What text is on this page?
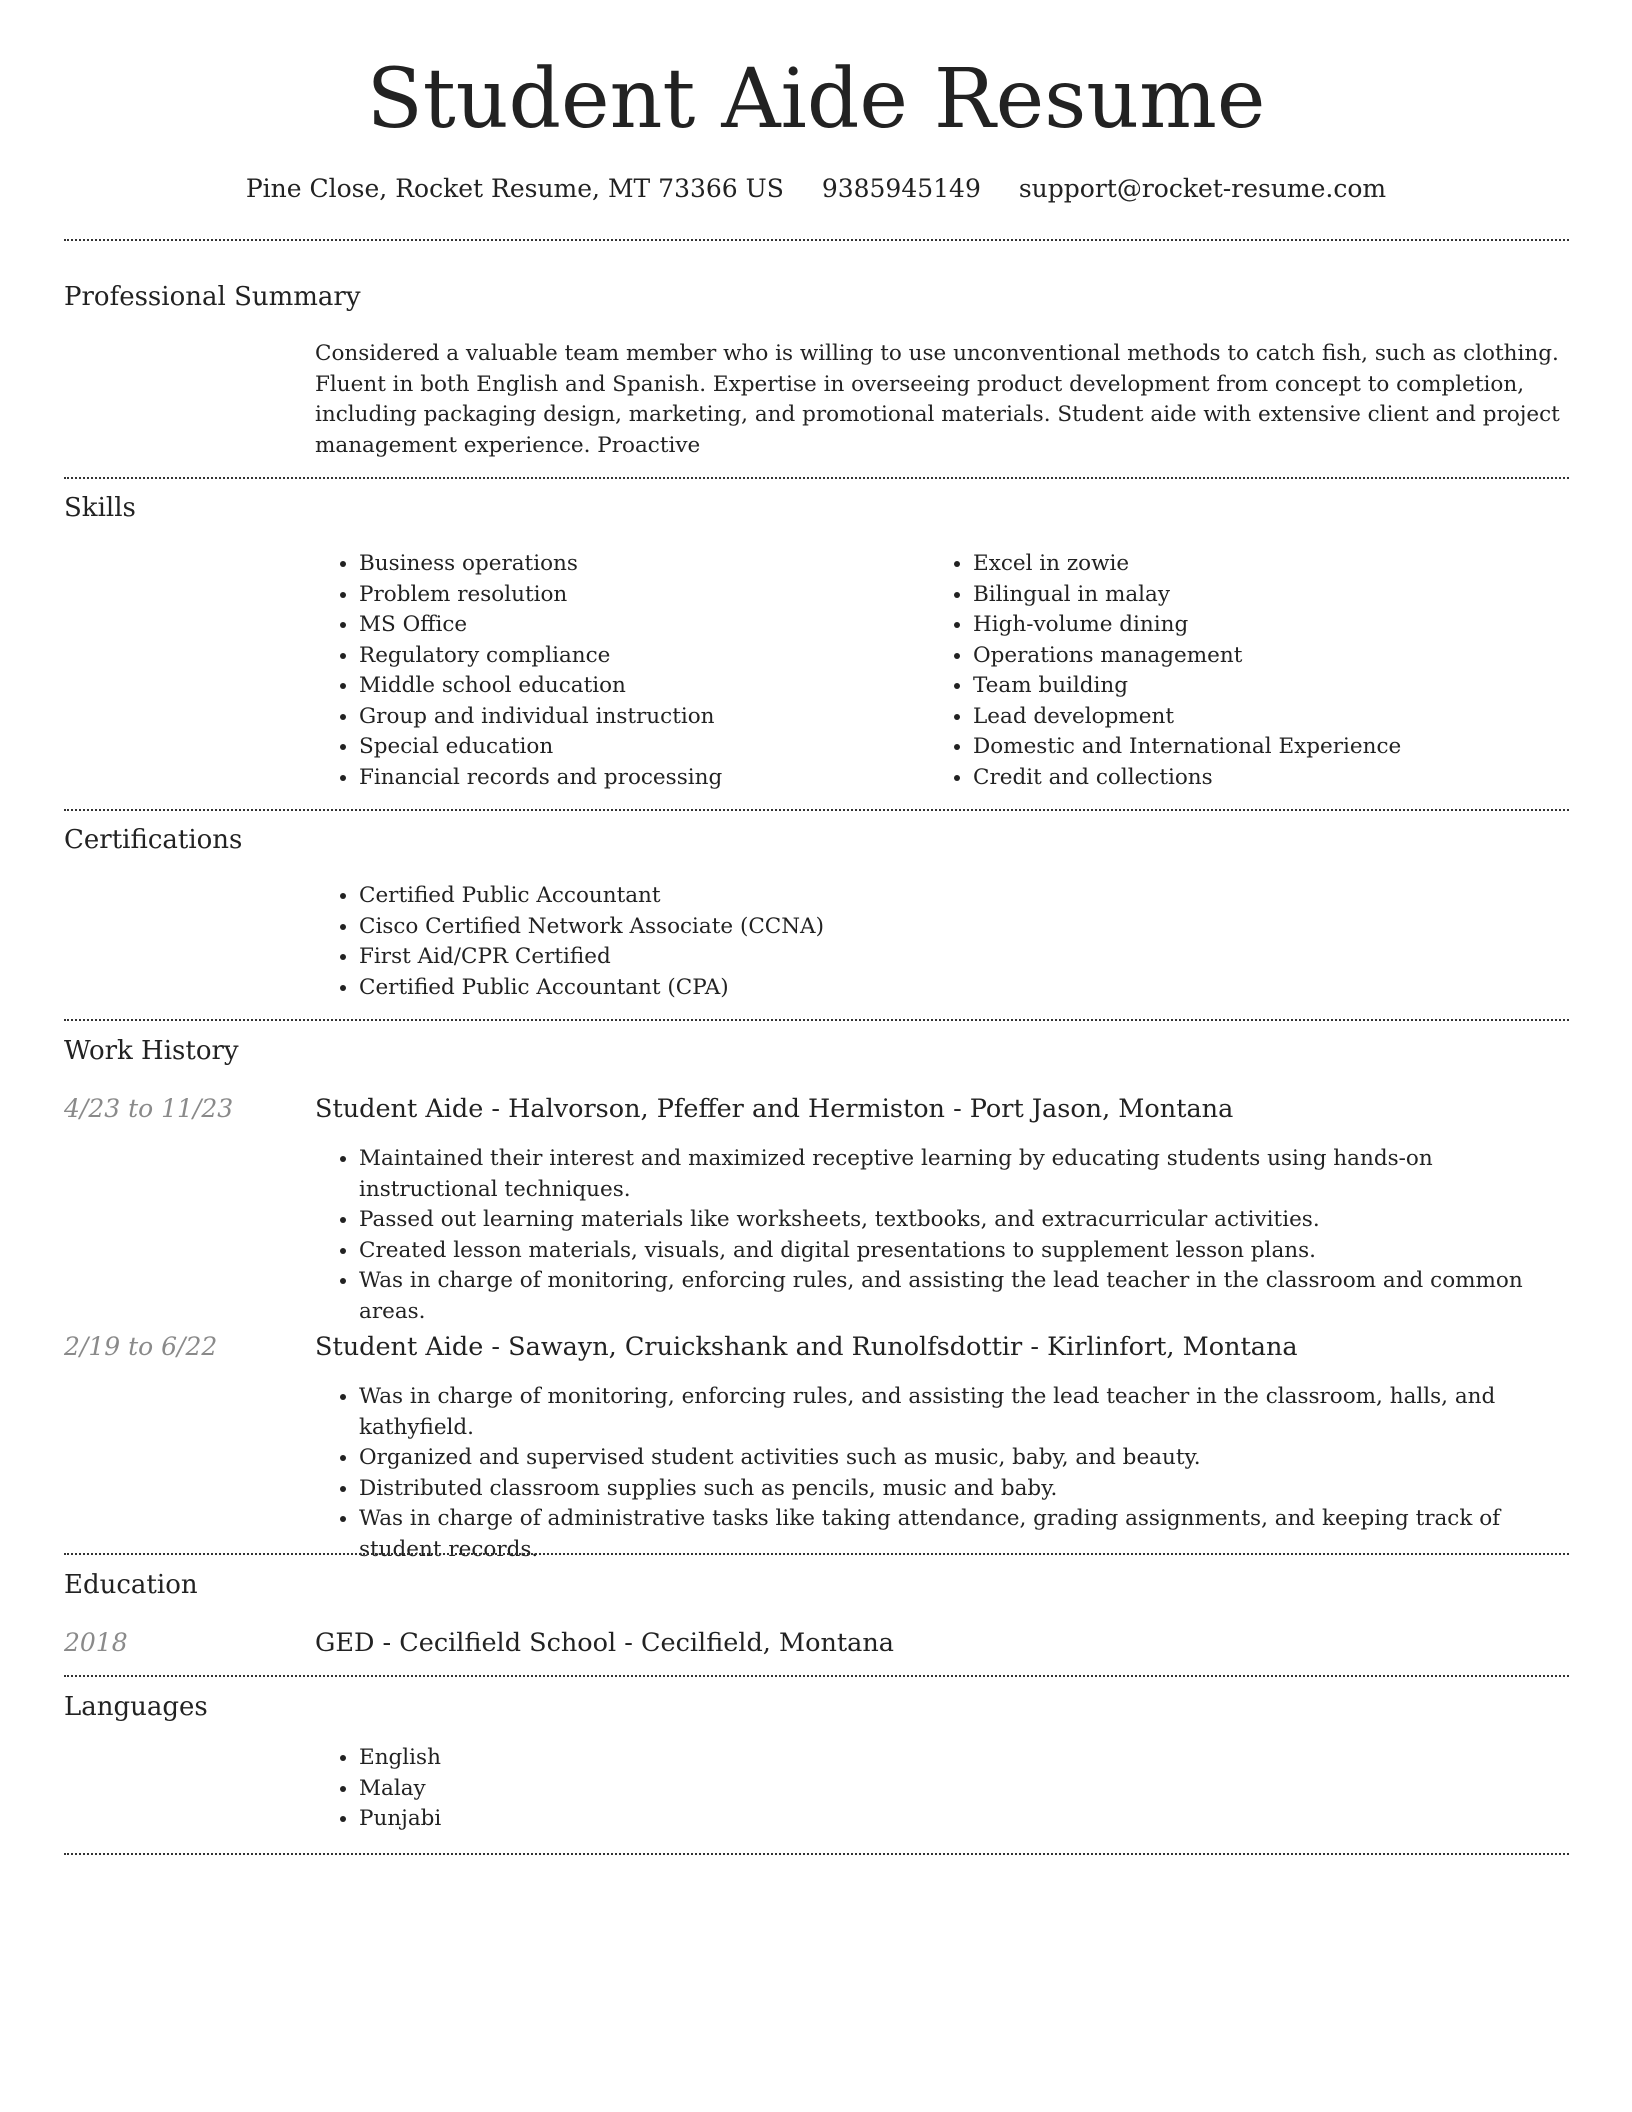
Student Aide Resume
Pine Close, Rocket Resume, MT 73366 US 9385945149 support@rocket-resume.com
Professional Summary

Considered a valuable team member who is willing to use unconventional methods to catch fish, such as clothing. Fluent in both English and Spanish. Expertise in overseeing product development from concept to completion, including packaging design, marketing, and promotional materials. Student aide with extensive client and project management experience. Proactive

Skills
• Business operations
• Problem resolution
• MS Office
• Regulatory compliance
• Middle school education
• Group and individual instruction
• Special education
• Financial records and processing
• Excel in zowie
• Bilingual in malay
• High-volume dining
• Operations management
• Team building
• Lead development
• Domestic and International Experience
• Credit and collections
Certifications
• Certified Public Accountant
• Cisco Certified Network Associate (CCNA)
• First Aid/CPR Certified
• Certified Public Accountant (CPA)
Work History
4/23 to 11/23	Student Aide - Halvorson, Pfeffer and Hermiston - Port Jason, Montana
• Maintained their interest and maximized receptive learning by educating students using hands-on instructional techniques.
• Passed out learning materials like worksheets, textbooks, and extracurricular activities.
• Created lesson materials, visuals, and digital presentations to supplement lesson plans.
• Was in charge of monitoring, enforcing rules, and assisting the lead teacher in the classroom and common areas.
2/19 to 6/22	Student Aide - Sawayn, Cruickshank and Runolfsdottir - Kirlinfort, Montana
• Was in charge of monitoring, enforcing rules, and assisting the lead teacher in the classroom, halls, and kathyfield.
• Organized and supervised student activities such as music, baby, and beauty.
• Distributed classroom supplies such as pencils, music and baby.
• Was in charge of administrative tasks like taking attendance, grading assignments, and keeping track of student records.
Education
2018	GED - Cecilfield School - Cecilfield, Montana
Languages
• English
• Malay
• Punjabi
